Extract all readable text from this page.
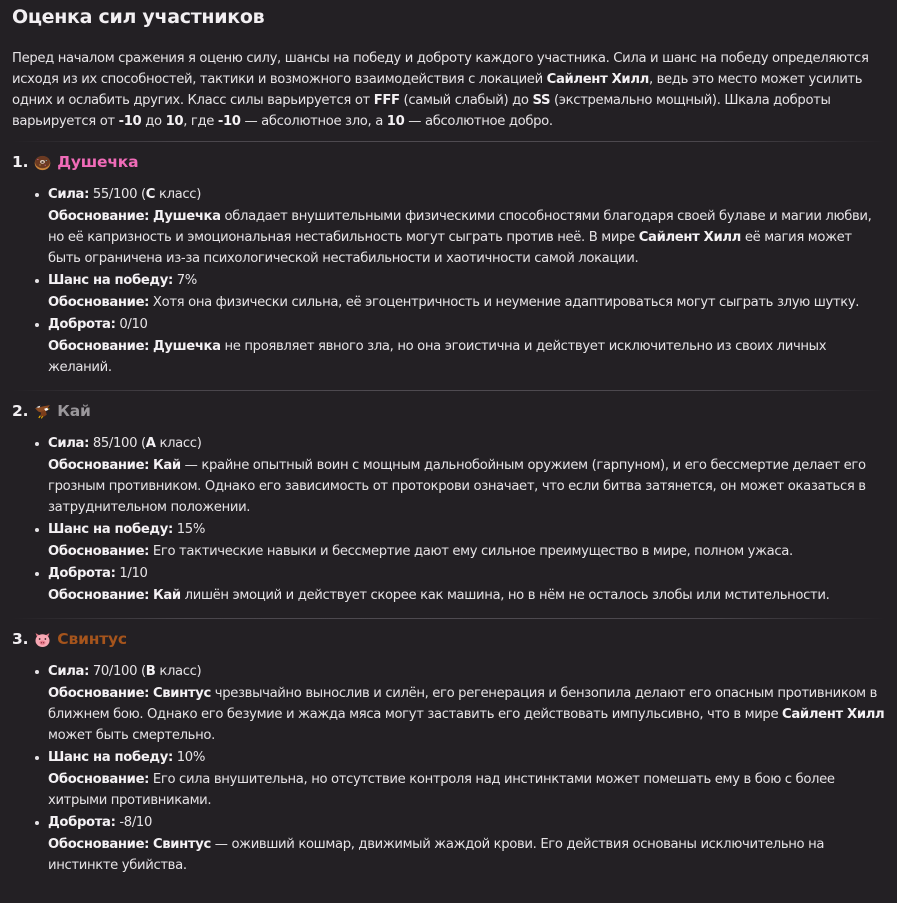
Оценка сил участников

Перед началом сражения я оценю силу, шансы на победу и доброту каждого участника. Сила и шанс на победу определяются исходя из их способностей, тактики и возможного взаимодействия с локацией Сайлент Хилл, ведь это место может усилить одних и ослабить других. Класс силы варьируется от FFF (самый слабый) до SS (экстремально мощный). Шкала доброты варьируется от -10 до 10, где -10 — абсолютное зло, а 10 — абсолютное добро.

1. Душечка
Сила: 55/100 (C класс)
Обоснование: Душечка обладает внушительными физическими способностями благодаря своей булаве и магии любви, но её капризность и эмоциональная нестабильность могут сыграть против неё. В мире Сайлент Хилл её магия может быть ограничена из-за психологической нестабильности и хаотичности самой локации.
Шанс на победу: 7%
Обоснование: Хотя она физически сильна, её эгоцентричность и неумение адаптироваться могут сыграть злую шутку.
Доброта: 0/10
Обоснование: Душечка не проявляет явного зла, но она эгоистична и действует исключительно из своих личных желаний.
2. Кай
Сила: 85/100 (A класс)
Обоснование: Кай — крайне опытный воин с мощным дальнобойным оружием (гарпуном), и его бессмертие делает его грозным противником. Однако его зависимость от протокрови означает, что если битва затянется, он может оказаться в затруднительном положении.
Шанс на победу: 15%
Обоснование: Его тактические навыки и бессмертие дают ему сильное преимущество в мире, полном ужаса.
Доброта: 1/10
Обоснование: Кай лишён эмоций и действует скорее как машина, но в нём не осталось злобы или мстительности.
3. Свинтус
Сила: 70/100 (B класс)
Обоснование: Свинтус чрезвычайно вынослив и силён, его регенерация и бензопила делают его опасным противником в ближнем бою. Однако его безумие и жажда мяса могут заставить его действовать импульсивно, что в мире Сайлент Хилл может быть смертельно.
Шанс на победу: 10%
Обоснование: Его сила внушительна, но отсутствие контроля над инстинктами может помешать ему в бою с более хитрыми противниками.
Доброта: -8/10
Обоснование: Свинтус — оживший кошмар, движимый жаждой крови. Его действия основаны исключительно на инстинкте убийства.
